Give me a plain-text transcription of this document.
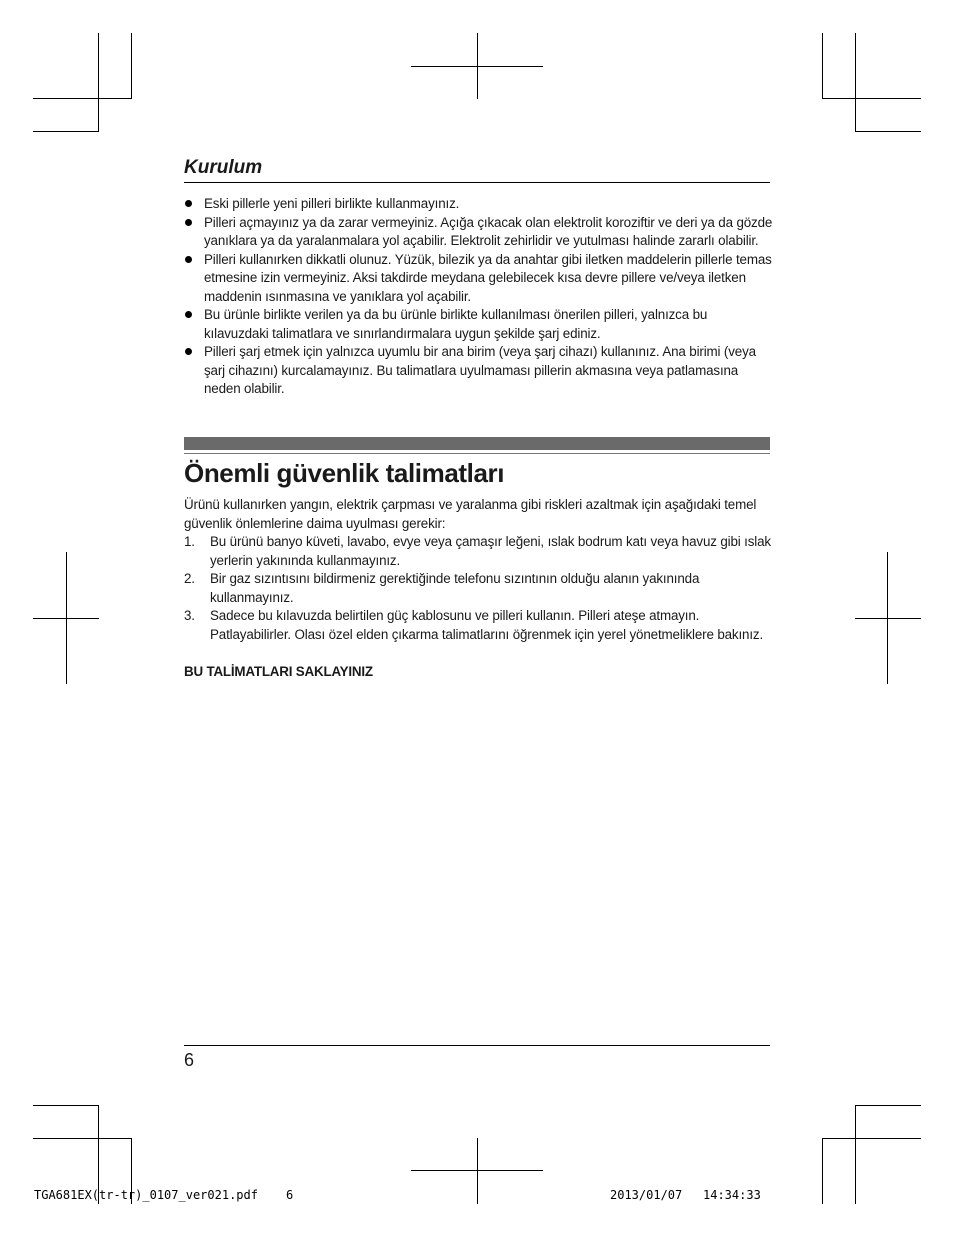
Kurulum
Eski pillerle yeni pilleri birlikte kullanmayınız.
Pilleri açmayınız ya da zarar vermeyiniz. Açığa çıkacak olan elektrolit koroziftir ve deri ya da gözde yanıklara ya da yaralanmalara yol açabilir. Elektrolit zehirlidir ve yutulması halinde zararlı olabilir.
Pilleri kullanırken dikkatli olunuz. Yüzük, bilezik ya da anahtar gibi iletken maddelerin pillerle temas etmesine izin vermeyiniz. Aksi takdirde meydana gelebilecek kısa devre pillere ve/veya iletken maddenin ısınmasına ve yanıklara yol açabilir.
Bu ürünle birlikte verilen ya da bu ürünle birlikte kullanılması önerilen pilleri, yalnızca bu kılavuzdaki talimatlara ve sınırlandırmalara uygun şekilde şarj ediniz.
Pilleri şarj etmek için yalnızca uyumlu bir ana birim (veya şarj cihazı) kullanınız. Ana birimi (veya şarj cihazını) kurcalamayınız. Bu talimatlara uyulmaması pillerin akmasına veya patlamasına neden olabilir.
Önemli güvenlik talimatları

Ürünü kullanırken yangın, elektrik çarpması ve yaralanma gibi riskleri azaltmak için aşağıdaki temel güvenlik önlemlerine daima uyulması gerekir:

1. Bu ürünü banyo küveti, lavabo, evye veya çamaşır leğeni, ıslak bodrum katı veya havuz gibi ıslak yerlerin yakınında kullanmayınız.
2. Bir gaz sızıntısını bildirmeniz gerektiğinde telefonu sızıntının olduğu alanın yakınında kullanmayınız.
3. Sadece bu kılavuzda belirtilen güç kablosunu ve pilleri kullanın. Pilleri ateşe atmayın. Patlayabilirler. Olası özel elden çıkarma talimatlarını öğrenmek için yerel yönetmeliklere bakınız.

BU TALİMATLARI SAKLAYINIZ

6
TGA681EX(tr-tr)_0107_ver021.pdf 6	2013/01/07 14:34:33
